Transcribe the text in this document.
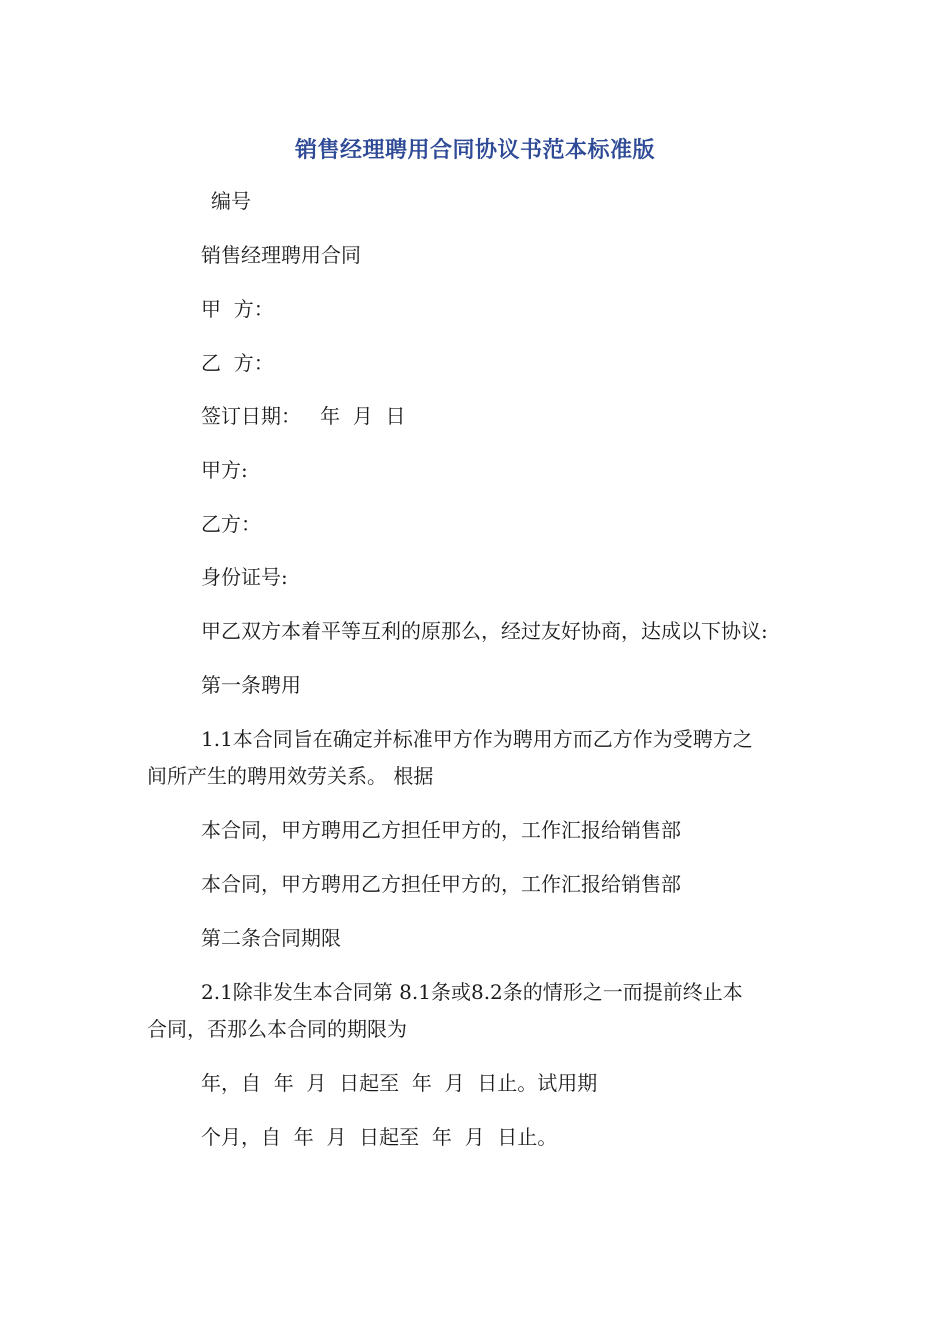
销售经理聘用合同协议书范本标准版
编号
销售经理聘用合同
甲  方：
乙  方：
签订日期：   年  月  日
甲方:
乙方：
身份证号:
甲乙双方本着平等互利的原那么，经过友好协商，达成以下协议:
第一条聘用
1.1本合同旨在确定并标准甲方作为聘用方而乙方作为受聘方之
间所产生的聘用效劳关系。 根据
本合同，甲方聘用乙方担任甲方的，工作汇报给销售部
本合同，甲方聘用乙方担任甲方的，工作汇报给销售部
第二条合同期限
2.1除非发生本合同第 8.1条或8.2条的情形之一而提前终止本
合同，否那么本合同的期限为
年，自  年  月  日起至  年  月  日止。试用期
个月，自  年  月  日起至  年  月  日止。
